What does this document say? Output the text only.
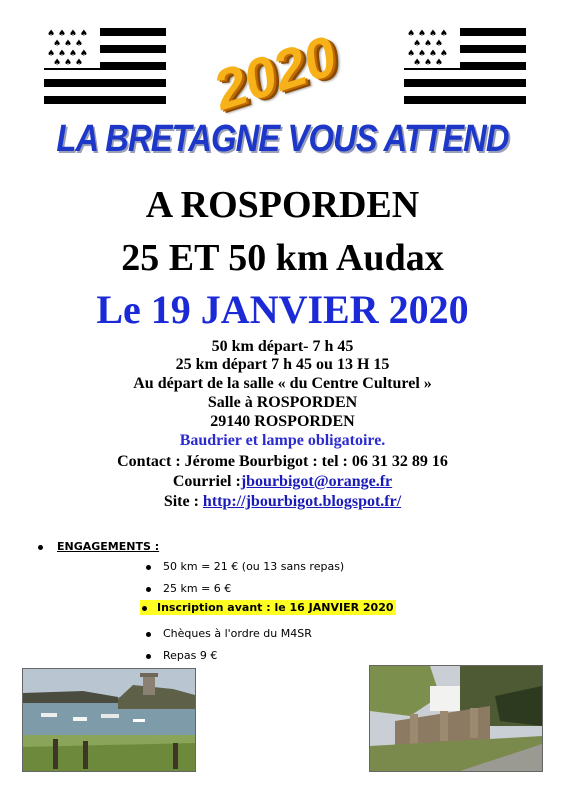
♠ ♠ ♠ ♠
♠ ♠ ♠
♠ ♠ ♠ ♠
♠ ♠ ♠
♠ ♠ ♠ ♠
♠ ♠ ♠
♠ ♠ ♠ ♠
♠ ♠ ♠
2020
LA BRETAGNE VOUS ATTEND
A ROSPORDEN
25 ET 50 km Audax
Le 19 JANVIER 2020
50 km départ- 7 h 45
25 km départ 7 h 45 ou 13 H 15
Au départ de la salle « du Centre Culturel »
Salle à ROSPORDEN
29140 ROSPORDEN
Baudrier et lampe obligatoire.
Contact : Jérome Bourbigot : tel : 06 31 32 89 16
Courriel :jbourbigot@orange.fr
Site : http://jbourbigot.blogspot.fr/
ENGAGEMENTS :
50 km = 21 € (ou 13 sans repas)
25 km = 6 €
Inscription avant : le 16 JANVIER 2020
Chèques à l'ordre du M4SR
Repas 9 €
